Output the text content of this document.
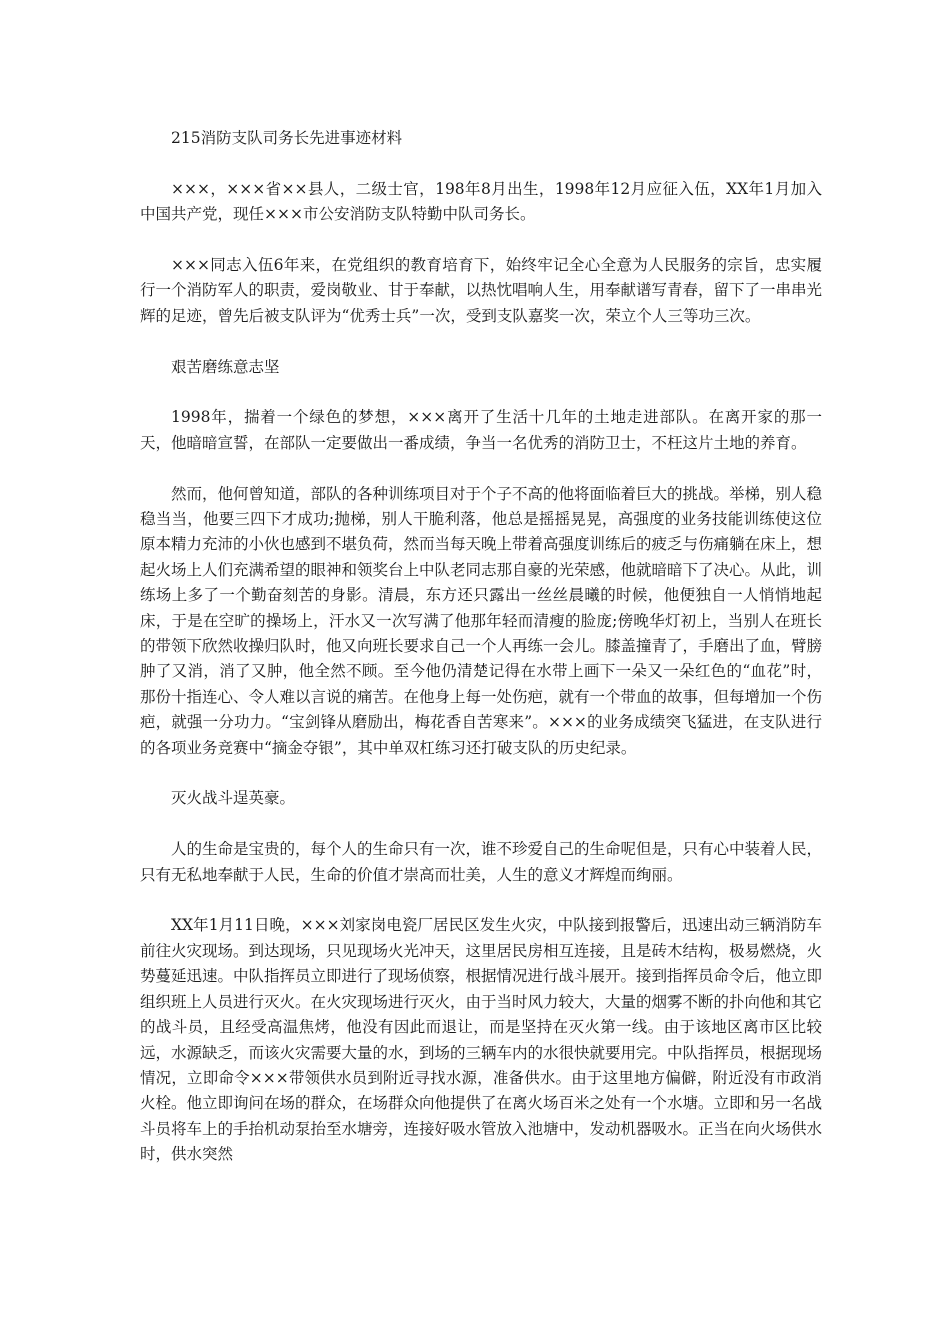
215消防支队司务长先进事迹材料

×××，×××省××县人，二级士官，198年8月出生，1998年12月应征入伍，XX年1月加入中国共产党，现任×××市公安消防支队特勤中队司务长。

×××同志入伍6年来，在党组织的教育培育下，始终牢记全心全意为人民服务的宗旨，忠实履行一个消防军人的职责，爱岗敬业、甘于奉献，以热忱唱响人生，用奉献谱写青春，留下了一串串光辉的足迹，曾先后被支队评为“优秀士兵”一次，受到支队嘉奖一次，荣立个人三等功三次。

艰苦磨练意志坚

1998年，揣着一个绿色的梦想，×××离开了生活十几年的土地走进部队。在离开家的那一天，他暗暗宣誓，在部队一定要做出一番成绩，争当一名优秀的消防卫士，不枉这片土地的养育。

然而，他何曾知道，部队的各种训练项目对于个子不高的他将面临着巨大的挑战。举梯，别人稳稳当当，他要三四下才成功;抛梯，别人干脆利落，他总是摇摇晃晃，高强度的业务技能训练使这位原本精力充沛的小伙也感到不堪负荷，然而当每天晚上带着高强度训练后的疲乏与伤痛躺在床上，想起火场上人们充满希望的眼神和领奖台上中队老同志那自豪的光荣感，他就暗暗下了决心。从此，训练场上多了一个勤奋刻苦的身影。清晨，东方还只露出一丝丝晨曦的时候，他便独自一人悄悄地起床，于是在空旷的操场上，汗水又一次写满了他那年轻而清瘦的脸庞;傍晚华灯初上，当别人在班长的带领下欣然收操归队时，他又向班长要求自己一个人再练一会儿。膝盖撞青了，手磨出了血，臂膀肿了又消，消了又肿，他全然不顾。至今他仍清楚记得在水带上画下一朵又一朵红色的“血花”时，那份十指连心、令人难以言说的痛苦。在他身上每一处伤疤，就有一个带血的故事，但每增加一个伤疤，就强一分功力。“宝剑锋从磨励出，梅花香自苦寒来”。×××的业务成绩突飞猛进，在支队进行的各项业务竞赛中“摘金夺银”，其中单双杠练习还打破支队的历史纪录。

灭火战斗逞英豪。

人的生命是宝贵的，每个人的生命只有一次，谁不珍爱自己的生命呢但是，只有心中装着人民，只有无私地奉献于人民，生命的价值才崇高而壮美，人生的意义才辉煌而绚丽。

XX年1月11日晚，×××刘家岗电瓷厂居民区发生火灾，中队接到报警后，迅速出动三辆消防车前往火灾现场。到达现场，只见现场火光冲天，这里居民房相互连接，且是砖木结构，极易燃烧，火势蔓延迅速。中队指挥员立即进行了现场侦察，根据情况进行战斗展开。接到指挥员命令后，他立即组织班上人员进行灭火。在火灾现场进行灭火，由于当时风力较大，大量的烟雾不断的扑向他和其它的战斗员，且经受高温焦烤，他没有因此而退让，而是坚持在灭火第一线。由于该地区离市区比较远，水源缺乏，而该火灾需要大量的水，到场的三辆车内的水很快就要用完。中队指挥员，根据现场情况，立即命令×××带领供水员到附近寻找水源，准备供水。由于这里地方偏僻，附近没有市政消火栓。他立即询问在场的群众，在场群众向他提供了在离火场百米之处有一个水塘。立即和另一名战斗员将车上的手抬机动泵抬至水塘旁，连接好吸水管放入池塘中，发动机器吸水。正当在向火场供水时，供水突然
